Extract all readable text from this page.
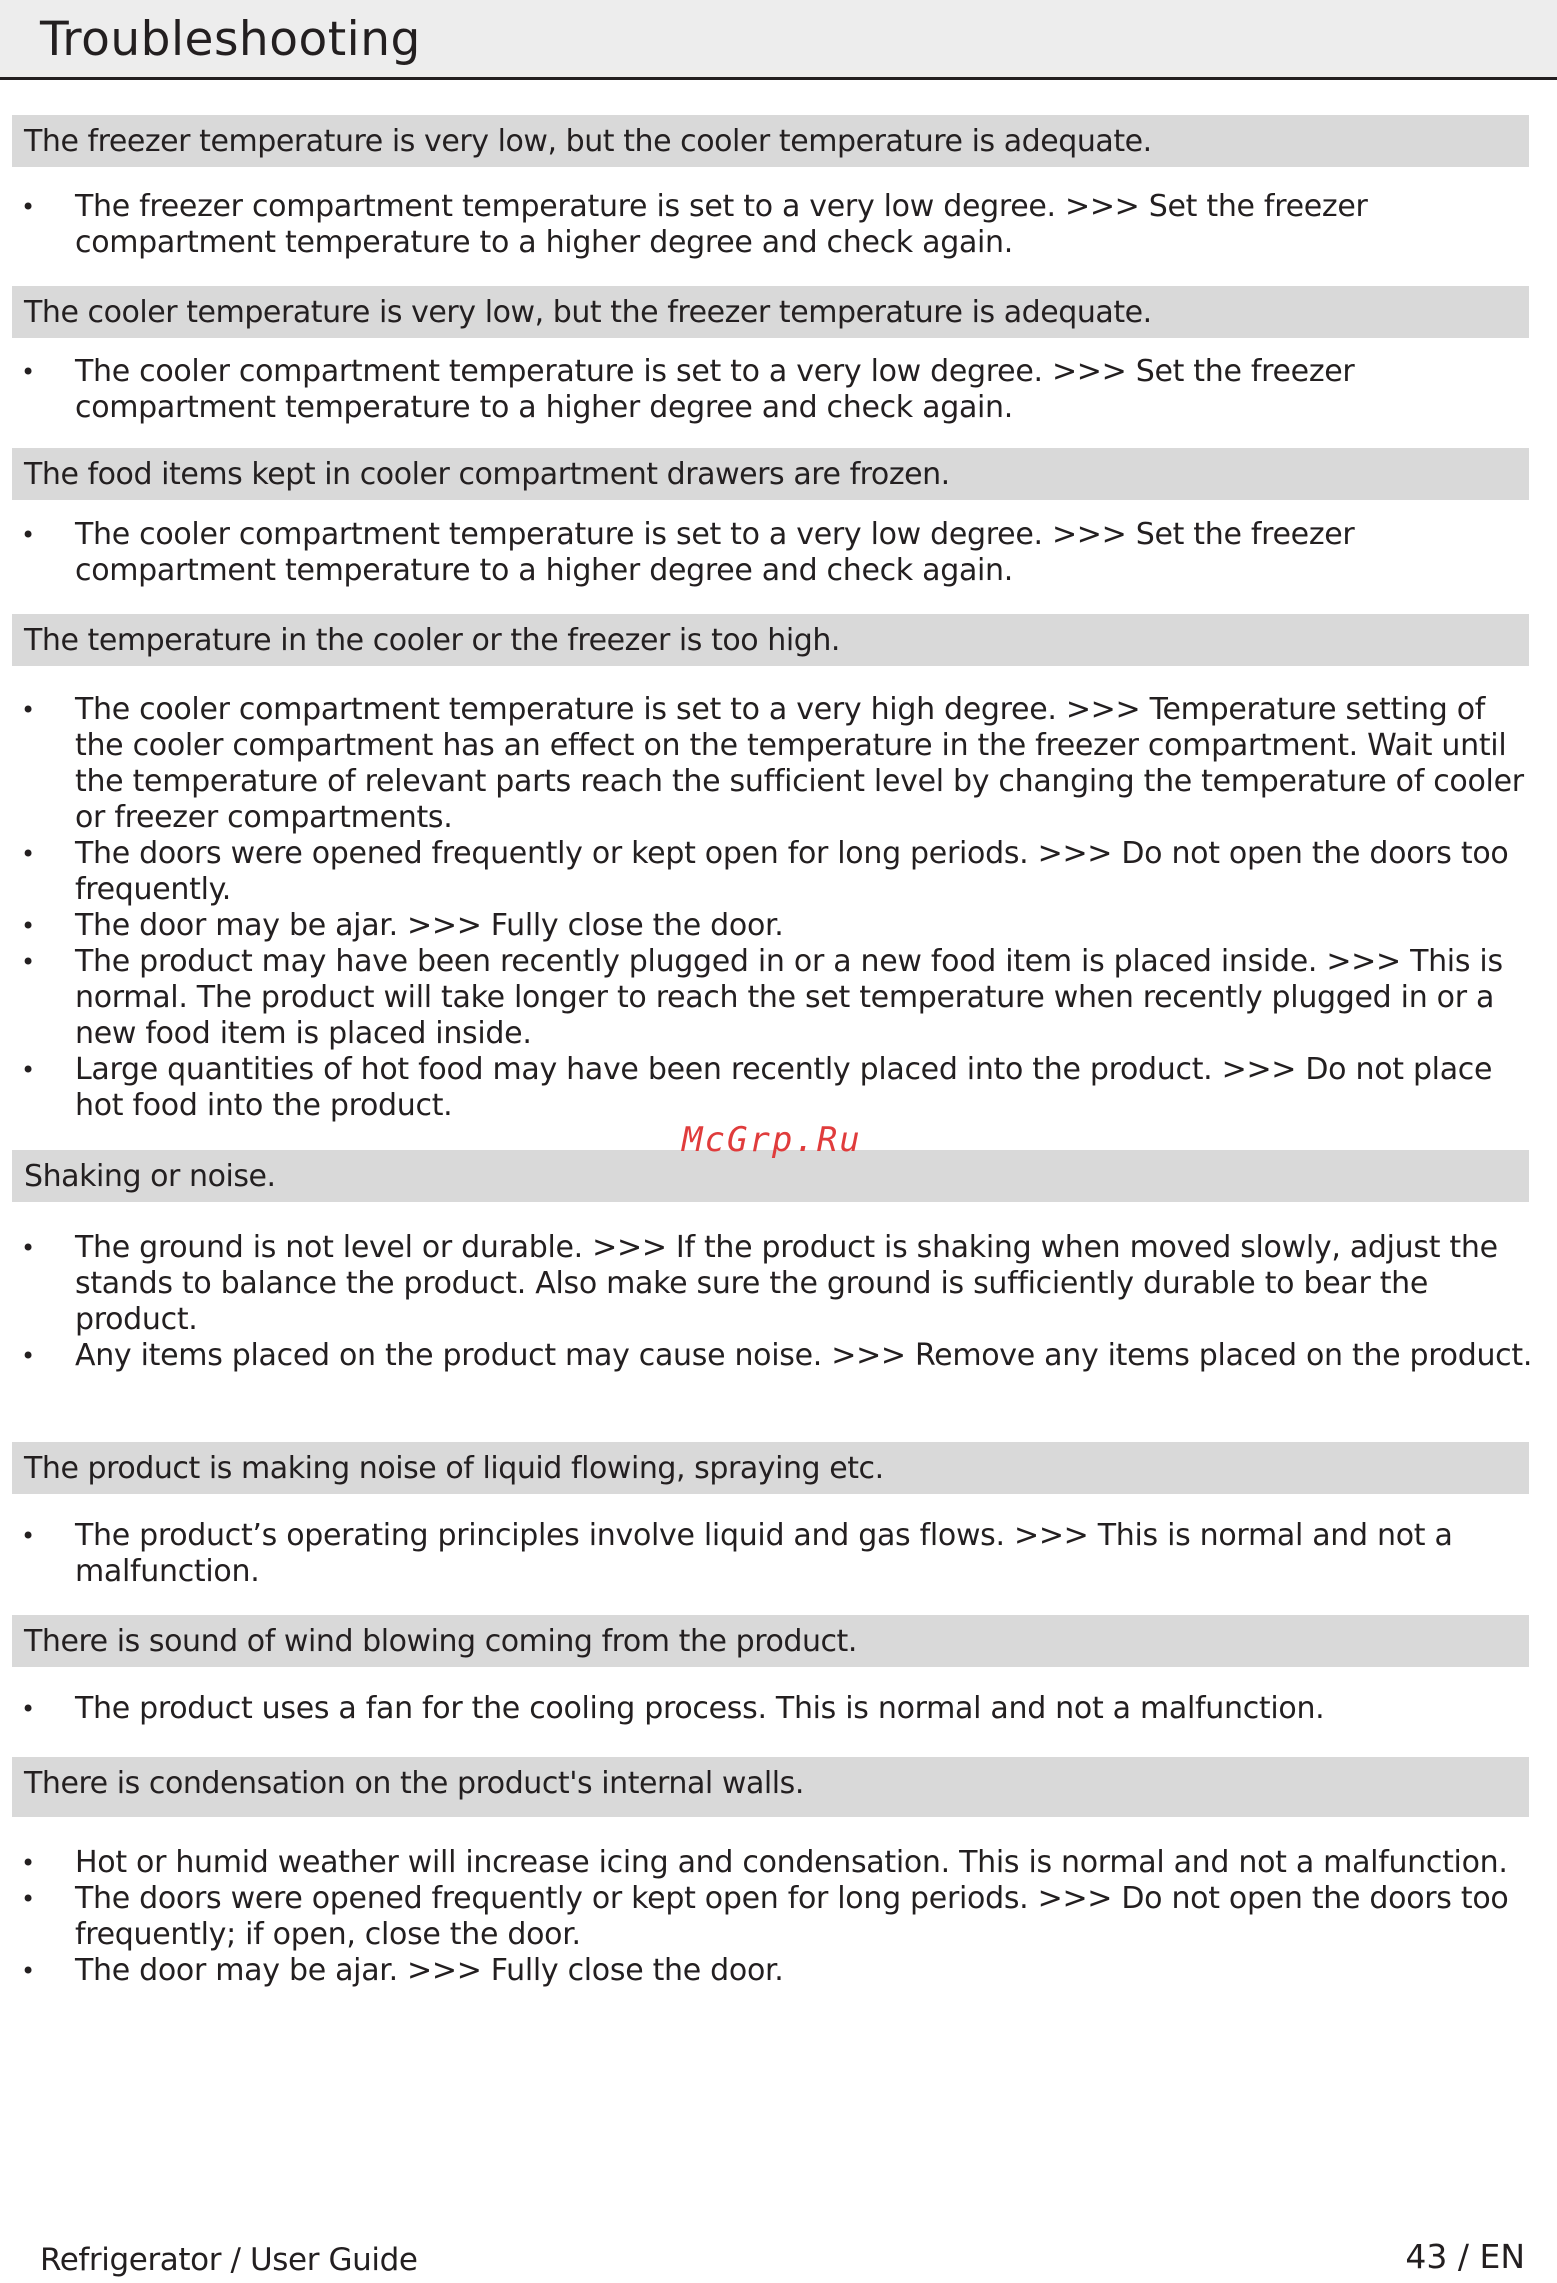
Troubleshooting
The freezer temperature is very low, but the cooler temperature is adequate.
• The freezer compartment temperature is set to a very low degree. >>> Set the freezer compartment temperature to a higher degree and check again.
The cooler temperature is very low, but the freezer temperature is adequate.
• The cooler compartment temperature is set to a very low degree. >>> Set the freezer compartment temperature to a higher degree and check again.
The food items kept in cooler compartment drawers are frozen.
• The cooler compartment temperature is set to a very low degree. >>> Set the freezer compartment temperature to a higher degree and check again.
The temperature in the cooler or the freezer is too high.
• The cooler compartment temperature is set to a very high degree. >>> Temperature setting of the cooler compartment has an effect on the temperature in the freezer compartment. Wait until the temperature of relevant parts reach the sufficient level by changing the temperature of cooler or freezer compartments.
• The doors were opened frequently or kept open for long periods. >>> Do not open the doors too frequently.
• The door may be ajar. >>> Fully close the door.
• The product may have been recently plugged in or a new food item is placed inside. >>> This is normal. The product will take longer to reach the set temperature when recently plugged in or a new food item is placed inside.
• Large quantities of hot food may have been recently placed into the product. >>> Do not place hot food into the product.
Shaking or noise.
• The ground is not level or durable. >>> If the product is shaking when moved slowly, adjust the stands to balance the product. Also make sure the ground is sufficiently durable to bear the product.
• Any items placed on the product may cause noise. >>> Remove any items placed on the product.
The product is making noise of liquid flowing, spraying etc.
• The product’s operating principles involve liquid and gas flows. >>> This is normal and not a malfunction.
There is sound of wind blowing coming from the product.
• The product uses a fan for the cooling process. This is normal and not a malfunction.
There is condensation on the product's internal walls.
• Hot or humid weather will increase icing and condensation. This is normal and not a malfunction.
• The doors were opened frequently or kept open for long periods. >>> Do not open the doors too frequently; if open, close the door.
• The door may be ajar. >>> Fully close the door.
McGrp.Ru
Refrigerator / User Guide	43 / EN
